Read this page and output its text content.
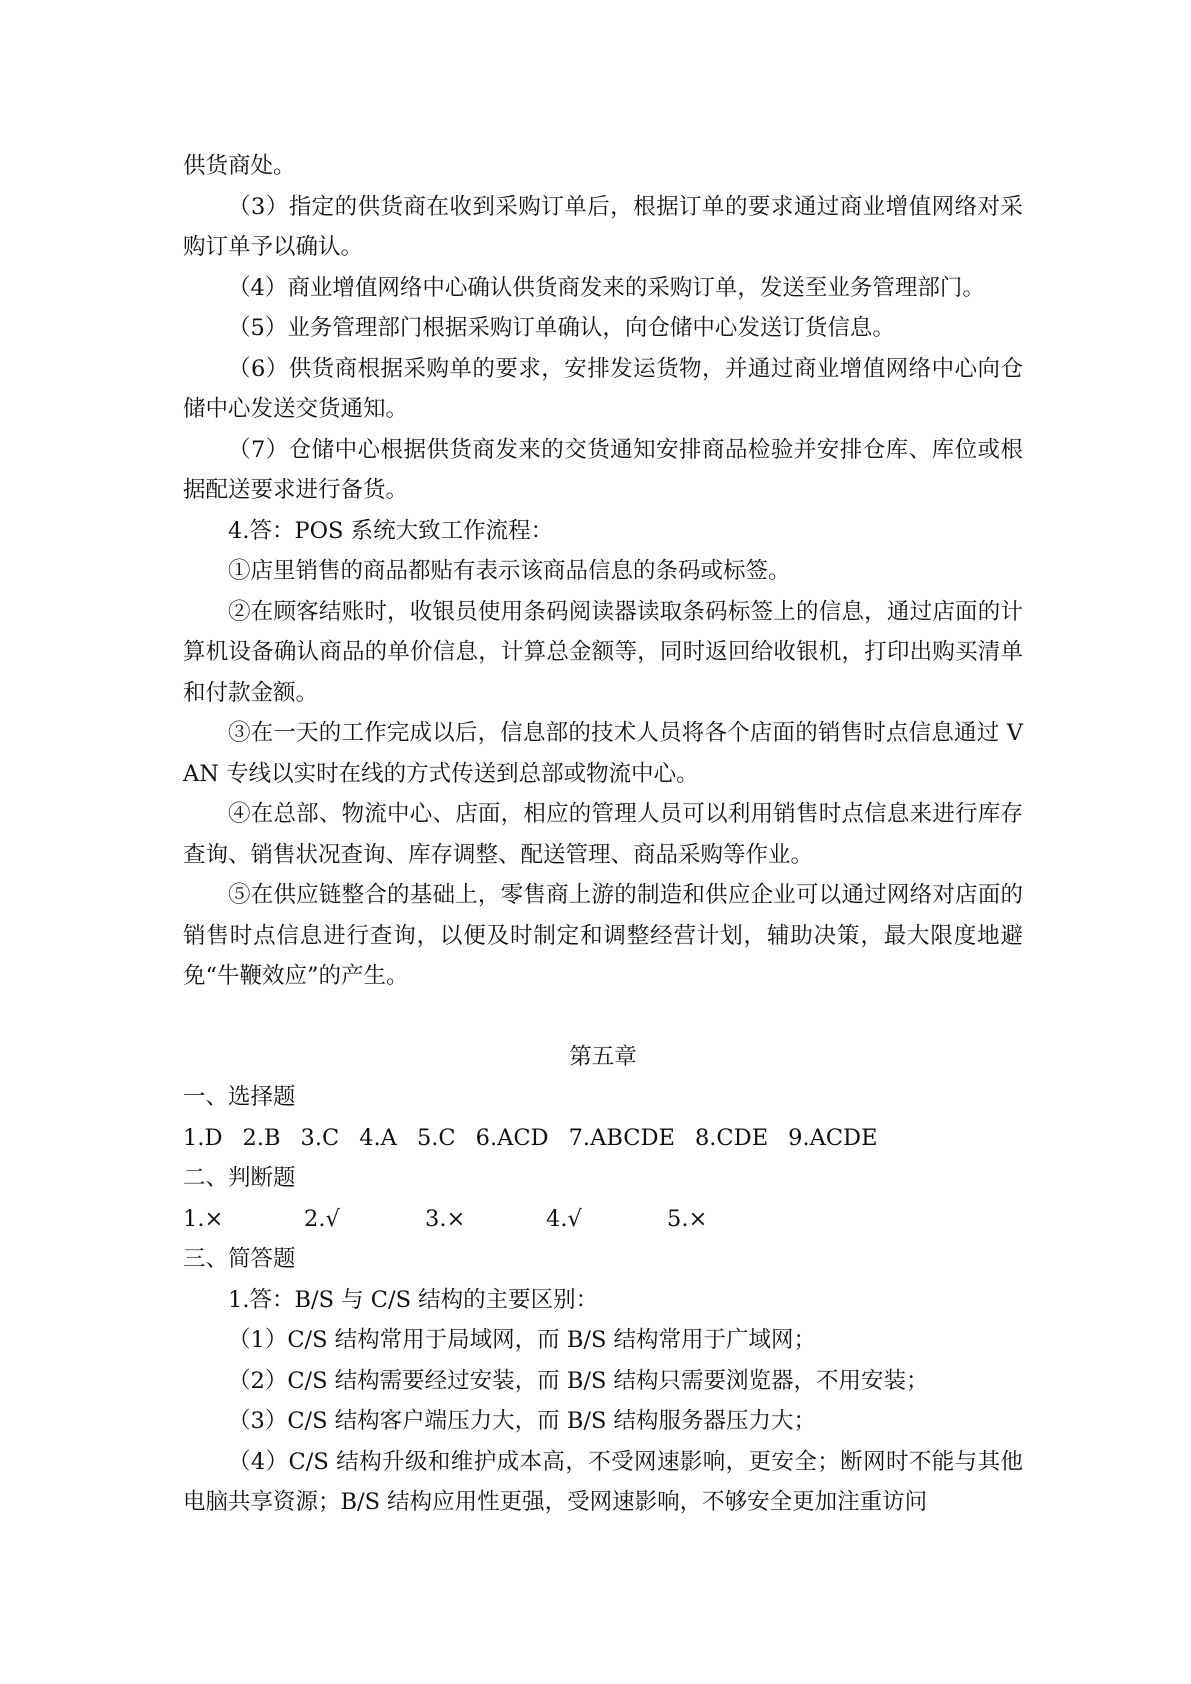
供货商处。

（3）指定的供货商在收到采购订单后，根据订单的要求通过商业增值网络对采购订单予以确认。

（4）商业增值网络中心确认供货商发来的采购订单，发送至业务管理部门。

（5）业务管理部门根据采购订单确认，向仓储中心发送订货信息。

（6）供货商根据采购单的要求，安排发运货物，并通过商业增值网络中心向仓储中心发送交货通知。

（7）仓储中心根据供货商发来的交货通知安排商品检验并安排仓库、库位或根据配送要求进行备货。

4.答：POS 系统大致工作流程：

①店里销售的商品都贴有表示该商品信息的条码或标签。

②在顾客结账时，收银员使用条码阅读器读取条码标签上的信息，通过店面的计算机设备确认商品的单价信息，计算总金额等，同时返回给收银机，打印出购买清单和付款金额。

③在一天的工作完成以后，信息部的技术人员将各个店面的销售时点信息通过 VAN 专线以实时在线的方式传送到总部或物流中心。

④在总部、物流中心、店面，相应的管理人员可以利用销售时点信息来进行库存查询、销售状况查询、库存调整、配送管理、商品采购等作业。

⑤在供应链整合的基础上，零售商上游的制造和供应企业可以通过网络对店面的销售时点信息进行查询，以便及时制定和调整经营计划，辅助决策，最大限度地避免“牛鞭效应”的产生。

第五章

一、选择题

1.D 2.B 3.C 4.A 5.C 6.ACD 7.ABCDE 8.CDE 9.ACDE

二、判断题

1.×	2.√	3.×	4.√	5.×

三、简答题

1.答：B/S 与 C/S 结构的主要区别：

（1）C/S 结构常用于局域网，而 B/S 结构常用于广域网；

（2）C/S 结构需要经过安装，而 B/S 结构只需要浏览器，不用安装；

（3）C/S 结构客户端压力大，而 B/S 结构服务器压力大；

（4）C/S 结构升级和维护成本高，不受网速影响，更安全；断网时不能与其他电脑共享资源；B/S 结构应用性更强，受网速影响，不够安全更加注重访问
